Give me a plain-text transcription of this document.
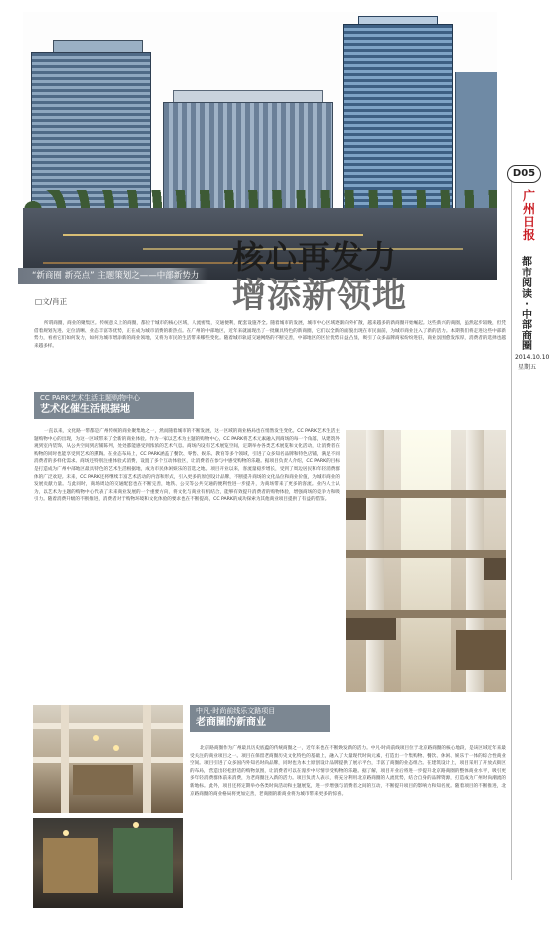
“新商圈 新亮点” 主题策划之——中部新势力 核心再发力
增添新领地
D05
广
州
日
报
都
市
阅
读
·
中
部
商
圈
2014.10.10
星期五
□文/肖正
所谓商圈，商业的聚集区。传统意义上的商圈，都位于城市的核心区域，人流密集，交通便利，配套设施齐全。随着城市的发展，城市中心区域逐渐向外扩散，越来越多的新商圈开始崛起。这些新兴的商圈，虽然起步较晚，但凭借着规划先进、定位清晰、业态丰富等优势，正在成为城市消费的新热点。在广州的中部地区，近年来就涌现出了一批颇具特色的新商圈，它们以全新的面貌出现在市民面前，为城市商业注入了新的活力。本期我们将走进这些中部新势力，看看它们如何发力，如何为城市增添新的商业领地，又将为市民的生活带来哪些变化。随着城市轨道交通网络的不断完善，中部地区的区位优势日益凸显，吸引了众多品牌商家纷纷进驻，商业氛围愈发浓厚，消费者的选择也越来越多样。
CC PARK艺术生活主题购物中心
艺术化催生活根据地
一直以来，文化路一带都是广州传统的商业聚集地之一，然而随着城市的不断发展，这一区域的商业格局也在悄然发生变化。CC PARK艺术生活主题购物中心的出现，为这一区域带来了全新的商业体验。作为一家以艺术为主题的购物中心，CC PARK将艺术元素融入到商场的每一个角落，从建筑外观到室内装饰，从公共空间到店铺陈列，处处都能感受到浓浓的艺术气息。商场内设有艺术展览空间，定期举办各类艺术展览和文化活动，让消费者在购物的同时也能享受到艺术的熏陶。在业态布局上，CC PARK涵盖了餐饮、零售、娱乐、教育等多个领域，引进了众多知名品牌和特色店铺，满足不同消费者的多样化需求。商场还特别注重体验式消费，设置了多个互动体验区，让消费者在参与中感受购物的乐趣。据项目负责人介绍，CC PARK的目标是打造成为广州中部地区最具特色的艺术生活根据地，成为市民休闲娱乐的首选之地。项目开业以来，客流量稳步增长，受到了周边居民和年轻消费群体的广泛欢迎。未来，CC PARK还将继续丰富艺术活动的内容和形式，引入更多的原创设计品牌，不断提升商场的文化品位和商业价值，为城市商业的发展贡献力量。与此同时，商场周边的交通配套也在不断完善，地铁、公交等公共交通的便利性进一步提升，为商场带来了更多的客流。业内人士认为，以艺术为主题的购物中心代表了未来商业发展的一个重要方向，将文化与商业有机结合，能够有效提升消费者的购物体验，增强商场的竞争力和吸引力。随着消费升级的不断推进，消费者对于购物环境和文化体验的要求也在不断提高，CC PARK的成功探索为其他商业项目提供了有益的借鉴。
中凡·时尚前线乐文路项目
老商圈的新商业
北京路商圈作为广州最具历史底蕴的传统商圈之一，近年来也在不断焕发新的活力。中凡·时尚前线项目位于北京路商圈的核心地段，是该区域近年来最受关注的商业项目之一。项目在保留老商圈历史文化特色的基础上，融入了大量现代时尚元素，打造出一个集购物、餐饮、休闲、娱乐于一体的综合性商业空间。项目引进了众多国内外知名时尚品牌，同时也为本土原创设计品牌提供了展示平台，丰富了商圈的业态组合。在建筑设计上，项目采用了开放式街区的布局，营造出轻松舒适的购物氛围，让消费者可以在漫步中尽情享受购物的乐趣。据了解，项目开业后将进一步提升北京路商圈的整体商业水平，吸引更多年轻消费群体前来消费，为老商圈注入新的活力。项目负责人表示，将充分利用北京路商圈的人流优势，结合自身的品牌资源，打造成为广州时尚潮流的新地标。此外，项目还将定期举办各类时尚活动和主题展览，进一步增强与消费者之间的互动，不断提升项目的影响力和知名度。随着项目的不断推进，北京路商圈的商业格局将更加完善，老商圈的新商业将为城市带来更多的惊喜。
